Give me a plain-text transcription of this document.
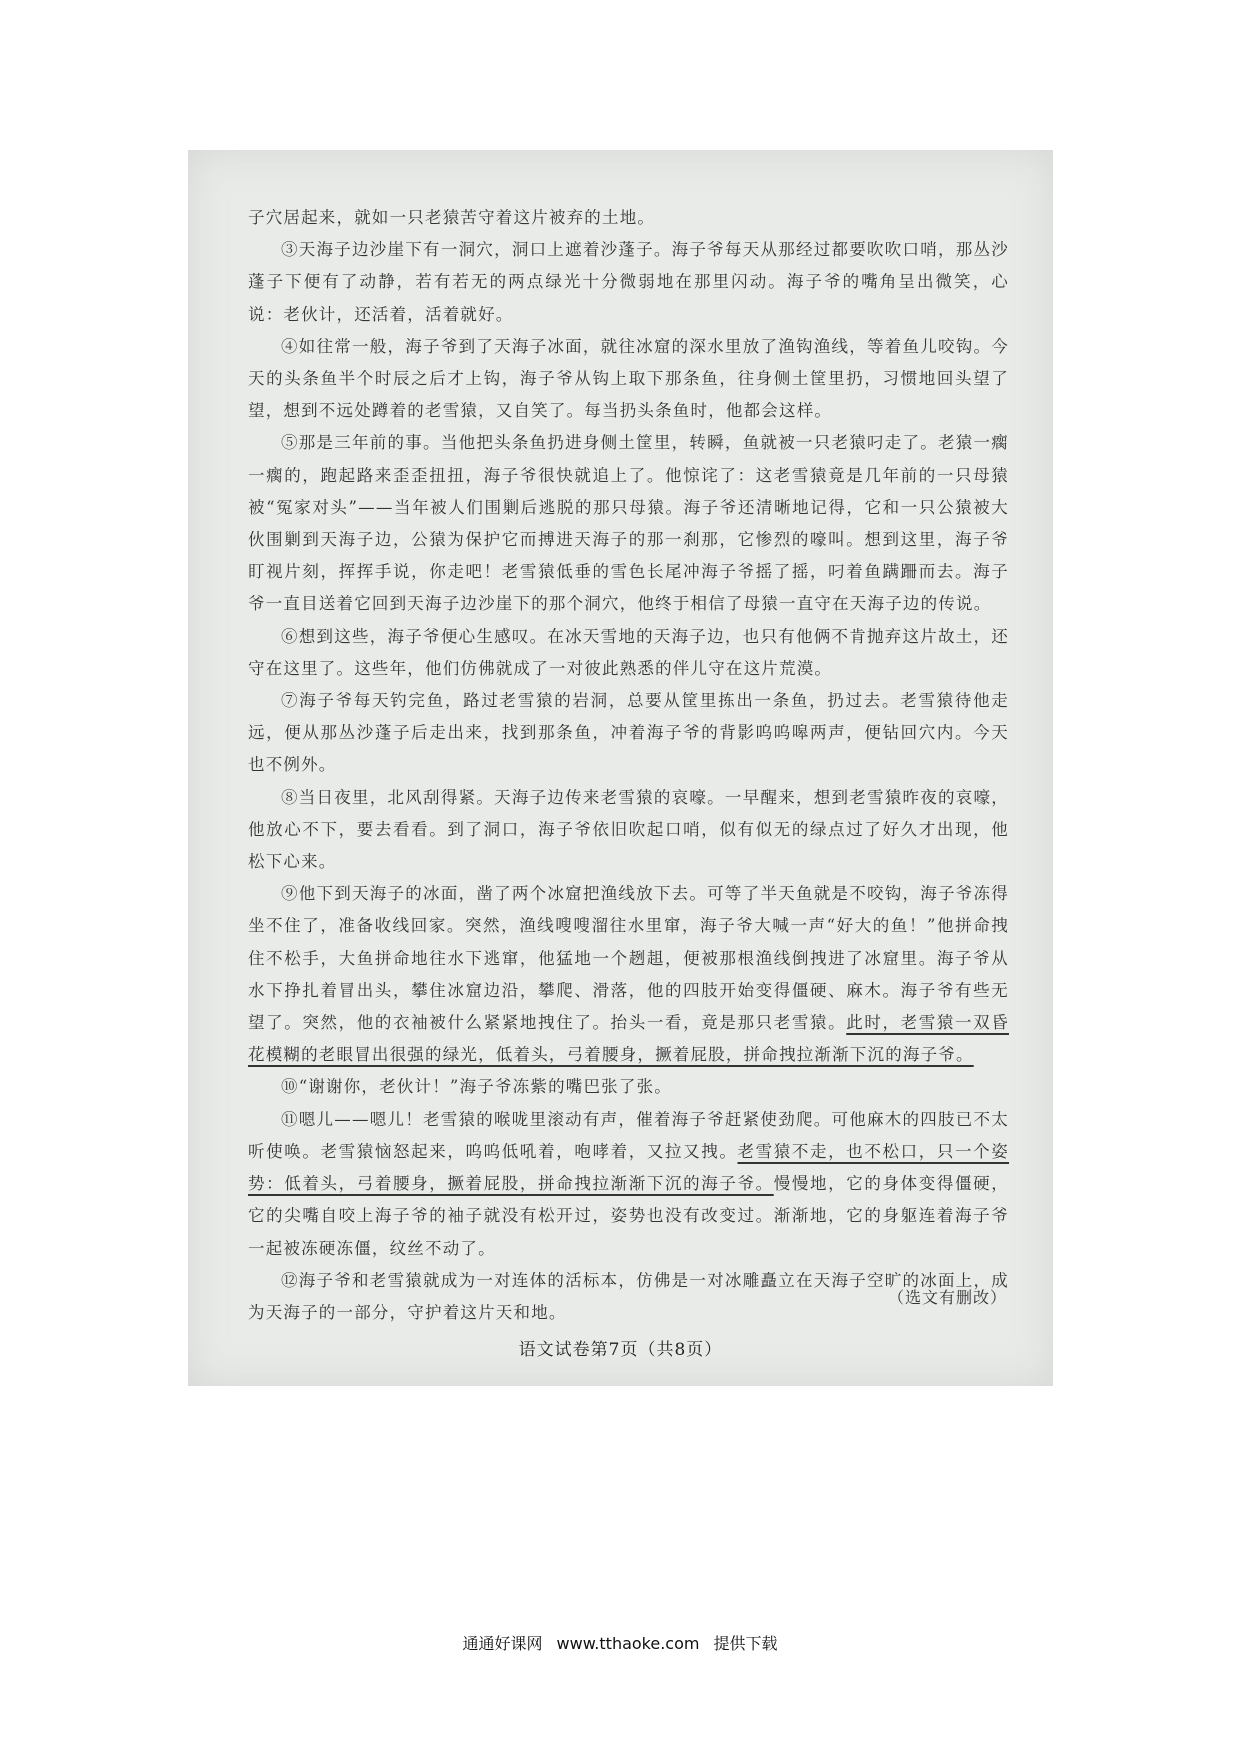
子穴居起来，就如一只老猿苦守着这片被弃的土地。

③天海子边沙崖下有一洞穴，洞口上遮着沙蓬子。海子爷每天从那经过都要吹吹口哨，那丛沙蓬子下便有了动静，若有若无的两点绿光十分微弱地在那里闪动。海子爷的嘴角呈出微笑，心说：老伙计，还活着，活着就好。

④如往常一般，海子爷到了天海子冰面，就往冰窟的深水里放了渔钩渔线，等着鱼儿咬钩。今天的头条鱼半个时辰之后才上钩，海子爷从钩上取下那条鱼，往身侧土筐里扔，习惯地回头望了望，想到不远处蹲着的老雪猿，又自笑了。每当扔头条鱼时，他都会这样。

⑤那是三年前的事。当他把头条鱼扔进身侧土筐里，转瞬，鱼就被一只老猿叼走了。老猿一瘸一瘸的，跑起路来歪歪扭扭，海子爷很快就追上了。他惊诧了：这老雪猿竟是几年前的一只母猿被“冤家对头”——当年被人们围剿后逃脱的那只母猿。海子爷还清晰地记得，它和一只公猿被大伙围剿到天海子边，公猿为保护它而搏进天海子的那一刹那，它惨烈的嚎叫。想到这里，海子爷盯视片刻，挥挥手说，你走吧！老雪猿低垂的雪色长尾冲海子爷摇了摇，叼着鱼蹒跚而去。海子爷一直目送着它回到天海子边沙崖下的那个洞穴，他终于相信了母猿一直守在天海子边的传说。

⑥想到这些，海子爷便心生感叹。在冰天雪地的天海子边，也只有他俩不肯抛弃这片故土，还守在这里了。这些年，他们仿佛就成了一对彼此熟悉的伴儿守在这片荒漠。

⑦海子爷每天钓完鱼，路过老雪猿的岩洞，总要从筐里拣出一条鱼，扔过去。老雪猿待他走远，便从那丛沙蓬子后走出来，找到那条鱼，冲着海子爷的背影呜呜嗥两声，便钻回穴内。今天也不例外。

⑧当日夜里，北风刮得紧。天海子边传来老雪猿的哀嚎。一早醒来，想到老雪猿昨夜的哀嚎，他放心不下，要去看看。到了洞口，海子爷依旧吹起口哨，似有似无的绿点过了好久才出现，他松下心来。

⑨他下到天海子的冰面，凿了两个冰窟把渔线放下去。可等了半天鱼就是不咬钩，海子爷冻得坐不住了，准备收线回家。突然，渔线嗖嗖溜往水里窜，海子爷大喊一声“好大的鱼！”他拼命拽住不松手，大鱼拼命地往水下逃窜，他猛地一个趔趄，便被那根渔线倒拽进了冰窟里。海子爷从水下挣扎着冒出头，攀住冰窟边沿，攀爬、滑落，他的四肢开始变得僵硬、麻木。海子爷有些无望了。突然，他的衣袖被什么紧紧地拽住了。抬头一看，竟是那只老雪猿。此时，老雪猿一双昏花模糊的老眼冒出很强的绿光，低着头，弓着腰身，撅着屁股，拼命拽拉渐渐下沉的海子爷。

⑩“谢谢你，老伙计！”海子爷冻紫的嘴巴张了张。

⑪嗯儿——嗯儿！老雪猿的喉咙里滚动有声，催着海子爷赶紧使劲爬。可他麻木的四肢已不太听使唤。老雪猿恼怒起来，呜呜低吼着，咆哮着，又拉又拽。老雪猿不走，也不松口，只一个姿势：低着头，弓着腰身，撅着屁股，拼命拽拉渐渐下沉的海子爷。慢慢地，它的身体变得僵硬，它的尖嘴自咬上海子爷的袖子就没有松开过，姿势也没有改变过。渐渐地，它的身躯连着海子爷一起被冻硬冻僵，纹丝不动了。

⑫海子爷和老雪猿就成为一对连体的活标本，仿佛是一对冰雕矗立在天海子空旷的冰面上，成为天海子的一部分，守护着这片天和地。

（选文有删改）
语文试卷第7页（共8页）
通通好课网 www.tthaoke.com 提供下载
